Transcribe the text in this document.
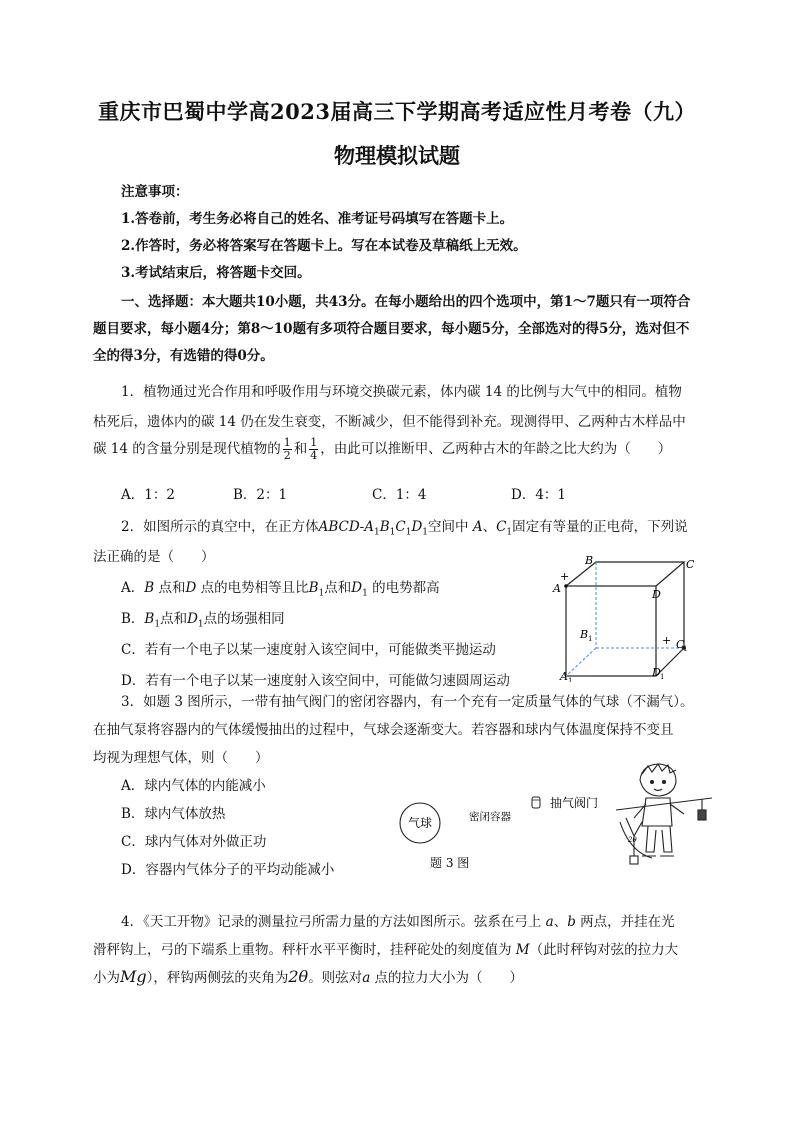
重庆市巴蜀中学高2023届高三下学期高考适应性月考卷（九）
物理模拟试题
注意事项：
1.答卷前，考生务必将自己的姓名、准考证号码填写在答题卡上。
2.作答时，务必将答案写在答题卡上。写在本试卷及草稿纸上无效。
3.考试结束后，将答题卡交回。
一、选择题：本大题共10小题，共43分。在每小题给出的四个选项中，第1～7题只有一项符合
题目要求，每小题4分；第8～10题有多项符合题目要求，每小题5分，全部选对的得5分，选对但不
全的得3分，有选错的得0分。
1．植物通过光合作用和呼吸作用与环境交换碳元素，体内碳 14 的比例与大气中的相同。植物
枯死后，遗体内的碳 14 仍在发生衰变，不断减少，但不能得到补充。现测得甲、乙两种古木样品中
碳 14 的含量分别是现代植物的 $\frac{1}{2}$ 和 $\frac{1}{4}$ ，由此可以推断甲、乙两种古木的年龄之比大约为（　　）
A．1：2	B．2：1	C．1：4	D．4：1
2．如图所示的真空中，在正方体ABCD-$A_1B_1C_1D_1$空间中 A、$C_1$固定有等量的正电荷，下列说
法正确的是（　　）
A．B 点和D 点的电势相等且比$B_1$点和$D_1$ 的电势都高
B．$B_1$点和$D_1$点的场强相同
C．若有一个电子以某一速度射入该空间中，可能做类平抛运动
D．若有一个电子以某一速度射入该空间中，可能做匀速圆周运动
+
+
B	C
A	D
B 1	C
1
A 1
D 1
3．如题 3 图所示，一带有抽气阀门的密闭容器内，有一个充有一定质量气体的气球（不漏气）。
在抽气泵将容器内的气体缓慢抽出的过程中，气球会逐渐变大。若容器和球内气体温度保持不变且
均视为理想气体，则（　　）
A．球内气体的内能减小
B．球内气体放热
C．球内气体对外做正功
D．容器内气体分子的平均动能减小
气球	密闭容器
抽气阀门
题 3 图
2θ
4．《天工开物》记录的测量拉弓所需力量的方法如图所示。弦系在弓上 a、b 两点，并挂在光
滑秤钩上，弓的下端系上重物。秤杆水平平衡时，挂秤砣处的刻度值为 M（此时秤钩对弦的拉力大
小为Mg），秤钩两侧弦的夹角为2θ。则弦对a 点的拉力大小为（　　）
